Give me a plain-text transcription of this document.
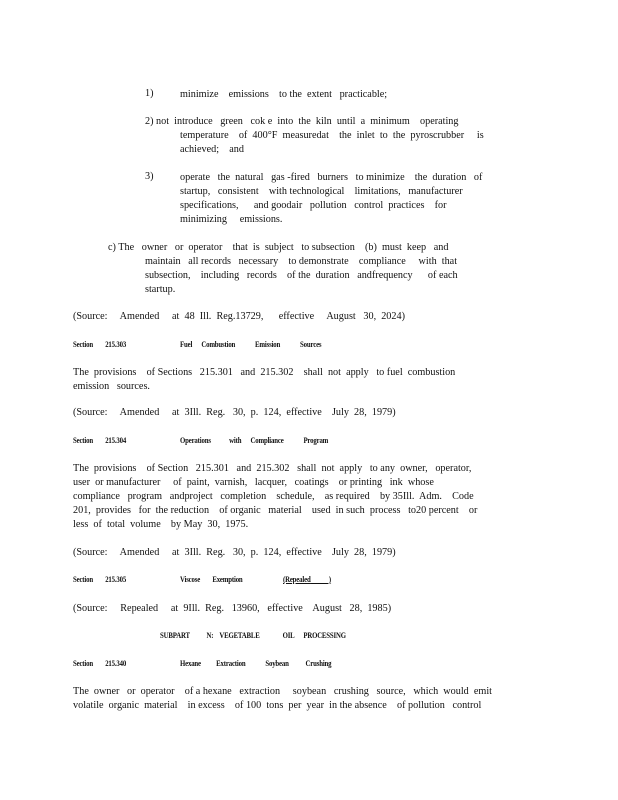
1)	minimize    emissions    to the  extent   practicable;
2) not  introduce   green   cok e  into  the  kiln  until  a  minimum    operating
temperature    of  400°F  measuredat    the  inlet  to  the  pyroscrubber     is
achieved;    and
3)	operate   the  natural   gas -fired   burners   to minimize    the  duration   of
startup,   consistent    with technological    limitations,   manufacturer
specifications,      and goodair   pollution   control  practices    for
minimizing     emissions.
c) The   owner   or  operator    that  is  subject   to subsection    (b)  must  keep   and
maintain   all records   necessary    to demonstrate    compliance     with  that
subsection,    including   records    of the  duration   andfrequency      of each
startup.
(Source:     Amended     at  48  Ill.  Reg.13729,      effective     August   30,  2024)
Section        215.303	Fuel      Combustion             Emission             Sources
The  provisions    of Sections   215.301   and  215.302    shall  not  apply   to fuel  combustion
emission   sources.
(Source:     Amended     at  3Ill.  Reg.   30,  p.  124,  effective    July  28,  1979)
Section        215.304	Operations            with      Compliance             Program
The  provisions    of Section   215.301   and  215.302   shall  not  apply   to any  owner,   operator,
user  or manufacturer     of  paint,  varnish,   lacquer,   coatings    or printing   ink  whose
compliance   program   andproject   completion    schedule,    as required    by 35Ill.  Adm.    Code
201,  provides   for  the reduction    of organic   material    used  in such  process   to20 percent    or
less  of  total  volume    by May  30,  1975.
(Source:     Amended     at  3Ill.  Reg.   30,  p.  124,  effective    July  28,  1979)
Section        215.305	Viscose        Exemption	(Repealed            )
(Source:     Repealed     at  9Ill.  Reg.   13960,   effective    August   28,  1985)
SUBPART           N:    VEGETABLE               OIL      PROCESSING
Section        215.340	Hexane          Extraction             Soybean           Crushing
The  owner   or  operator    of a hexane   extraction     soybean   crushing   source,   which  would  emit
volatile  organic  material    in excess    of 100  tons  per  year  in the absence    of pollution   control
